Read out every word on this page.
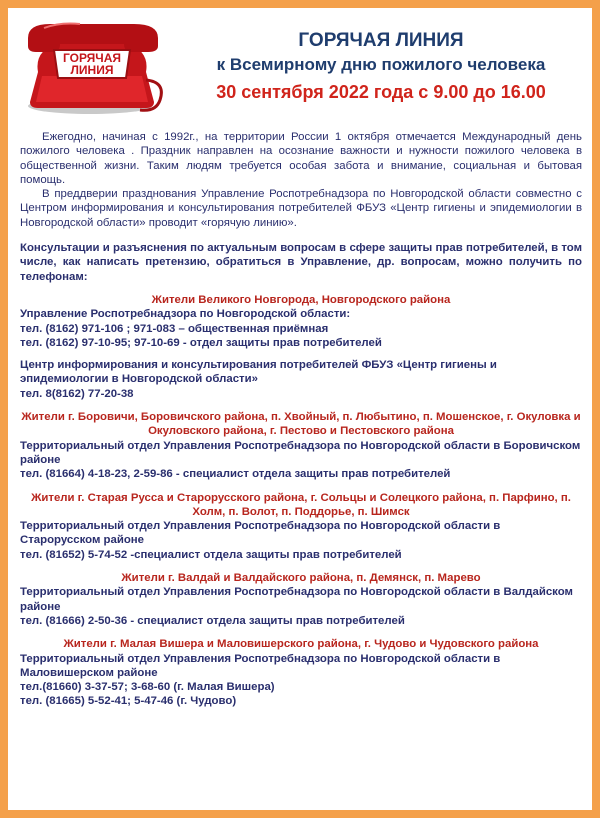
ГОРЯЧАЯ
ЛИНИЯ
ГОРЯЧАЯ ЛИНИЯ
к Всемирному дню пожилого человека
30 сентября 2022 года с 9.00 до 16.00

Ежегодно, начиная с 1992г., на территории России 1 октября отмечается Международный день пожилого человека . Праздник направлен на осознание важности и нужности пожилого человека в общественной жизни. Таким людям требуется особая забота и внимание, социальная и бытовая помощь.

В преддверии празднования Управление Роспотребнадзора по Новгородской области совместно с Центром информирования и консультирования потребителей ФБУЗ «Центр гигиены и эпидемиологии в Новгородской области» проводит «горячую линию».

Консультации и разъяснения по актуальным вопросам в сфере защиты прав потребителей, в том числе, как написать претензию, обратиться в Управление, др. вопросам, можно получить по телефонам:

Жители Великого Новгорода, Новгородского района

Управление Роспотребнадзора по Новгородской области:

тел. (8162) 971-106 ; 971-083 – общественная приёмная

тел. (8162) 97-10-95; 97-10-69 - отдел защиты прав потребителей

Центр информирования и консультирования потребителей ФБУЗ «Центр гигиены и эпидемиологии в Новгородской области»

тел. 8(8162) 77-20-38

Жители г. Боровичи, Боровичского района, п. Хвойный, п. Любытино, п. Мошенское, г. Окуловка и Окуловского района, г. Пестово и Пестовского района

Территориальный отдел Управления Роспотребнадзора по Новгородской области в Боровичском районе

тел. (81664) 4-18-23, 2-59-86 - специалист отдела защиты прав потребителей

Жители г. Старая Русса и Старорусского района, г. Сольцы и Солецкого района, п. Парфино, п. Холм, п. Волот, п. Поддорье, п. Шимск

Территориальный отдел Управления Роспотребнадзора по Новгородской области в Старорусском районе

тел. (81652) 5-74-52 -специалист отдела защиты прав потребителей

Жители г. Валдай и Валдайского района, п. Демянск, п. Марево

Территориальный отдел Управления Роспотребнадзора по Новгородской области в Валдайском районе

тел. (81666) 2-50-36 - специалист отдела защиты прав потребителей

Жители г. Малая Вишера и Маловишерского района, г. Чудово и Чудовского района

Территориальный отдел Управления Роспотребнадзора по Новгородской области в Маловишерском районе

тел.(81660) 3-37-57; 3-68-60 (г. Малая Вишера)

тел. (81665) 5-52-41; 5-47-46 (г. Чудово)
